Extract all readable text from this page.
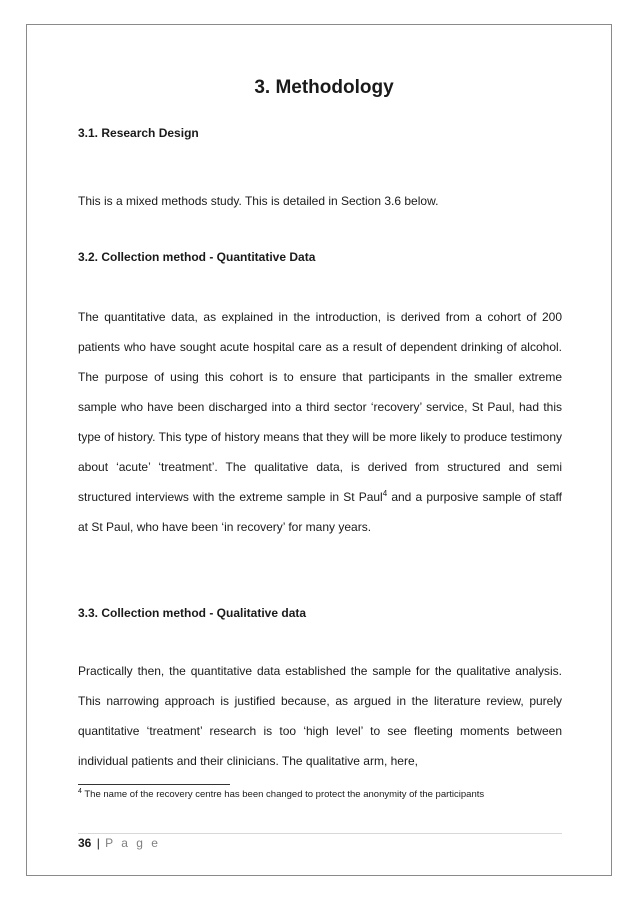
3. Methodology
3.1. Research Design

This is a mixed methods study. This is detailed in Section 3.6 below.

3.2. Collection method - Quantitative Data

The quantitative data, as explained in the introduction, is derived from a cohort of 200 patients who have sought acute hospital care as a result of dependent drinking of alcohol. The purpose of using this cohort is to ensure that participants in the smaller extreme sample who have been discharged into a third sector ‘recovery’ service, St Paul, had this type of history. This type of history means that they will be more likely to produce testimony about ‘acute’ ‘treatment’. The qualitative data, is derived from structured and semi structured interviews with the extreme sample in St Paul$^4$ and a purposive sample of staff at St Paul, who have been ‘in recovery’ for many years.

3.3. Collection method - Qualitative data

Practically then, the quantitative data established the sample for the qualitative analysis. This narrowing approach is justified because, as argued in the literature review, purely quantitative ‘treatment’ research is too ‘high level’ to see fleeting moments between individual patients and their clinicians. The qualitative arm, here,

$^4$ The name of the recovery centre has been changed to protect the anonymity of the participants
36 | P a g e
